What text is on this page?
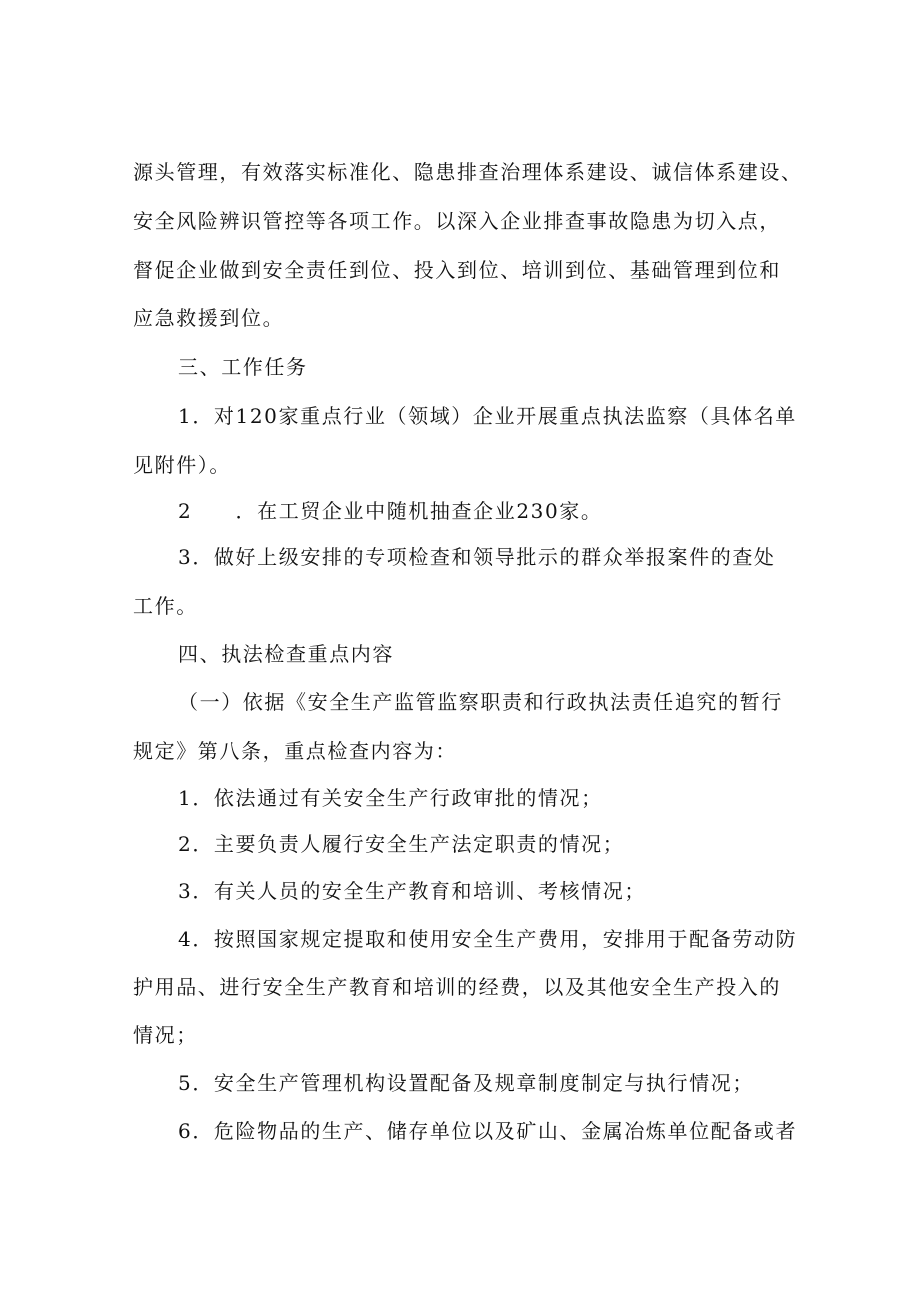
源头管理，有效落实标准化、隐患排查治理体系建设、诚信体系建设、
安全风险辨识管控等各项工作。以深入企业排查事故隐患为切入点，
督促企业做到安全责任到位、投入到位、培训到位、基础管理到位和
应急救援到位。
三、工作任务
1．对120家重点行业（领域）企业开展重点执法监察（具体名单
见附件）。
2　　．在工贸企业中随机抽查企业230家。
3．做好上级安排的专项检查和领导批示的群众举报案件的查处
工作。
四、执法检查重点内容
（一）依据《安全生产监管监察职责和行政执法责任追究的暂行
规定》第八条，重点检查内容为：
1．依法通过有关安全生产行政审批的情况；
2．主要负责人履行安全生产法定职责的情况；
3．有关人员的安全生产教育和培训、考核情况；
4．按照国家规定提取和使用安全生产费用，安排用于配备劳动防
护用品、进行安全生产教育和培训的经费，以及其他安全生产投入的
情况；
5．安全生产管理机构设置配备及规章制度制定与执行情况；
6．危险物品的生产、储存单位以及矿山、金属冶炼单位配备或者
